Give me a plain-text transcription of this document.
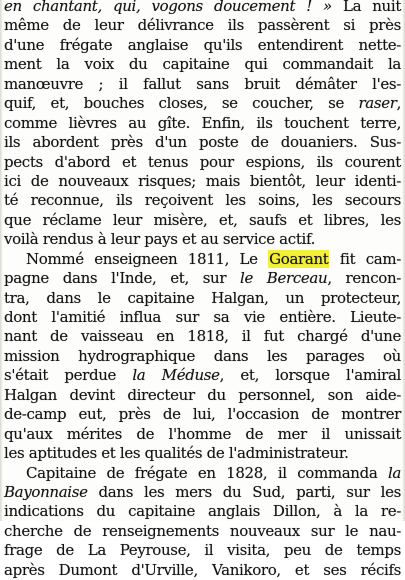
en chantant, qui, vogons doucement ! » La nuit
même de leur délivrance ils passèrent si près
d'une frégate anglaise qu'ils entendirent nette-
ment la voix du capitaine qui commandait la
manœuvre ; il fallut sans bruit démâter l'es-
quif, et, bouches closes, se coucher, se raser,
comme lièvres au gîte. Enfin, ils touchent terre,
ils abordent près d'un poste de douaniers. Sus-
pects d'abord et tenus pour espions, ils courent
ici de nouveaux risques; mais bientôt, leur identi-
té reconnue, ils reçoivent les soins, les secours
que réclame leur misère, et, saufs et libres, les
voilà rendus à leur pays et au service actif.
Nommé enseigneen 1811, Le Goarant fit cam-
pagne dans l'Inde, et, sur le Berceau, rencon-
tra, dans le capitaine Halgan, un protecteur,
dont l'amitié influa sur sa vie entière. Lieute-
nant de vaisseau en 1818, il fut chargé d'une
mission hydrographique dans les parages où
s'était perdue la Méduse, et, lorsque l'amiral
Halgan devint directeur du personnel, son aide-
de-camp eut, près de lui, l'occasion de montrer
qu'aux mérites de l'homme de mer il unissait
les aptitudes et les qualités de l'administrateur.
Capitaine de frégate en 1828, il commanda la
Bayonnaise dans les mers du Sud, parti, sur les
indications du capitaine anglais Dillon, à la re-
cherche de renseignements nouveaux sur le nau-
frage de La Peyrouse, il visita, peu de temps
après Dumont d'Urville, Vanikoro, et ses récifs
